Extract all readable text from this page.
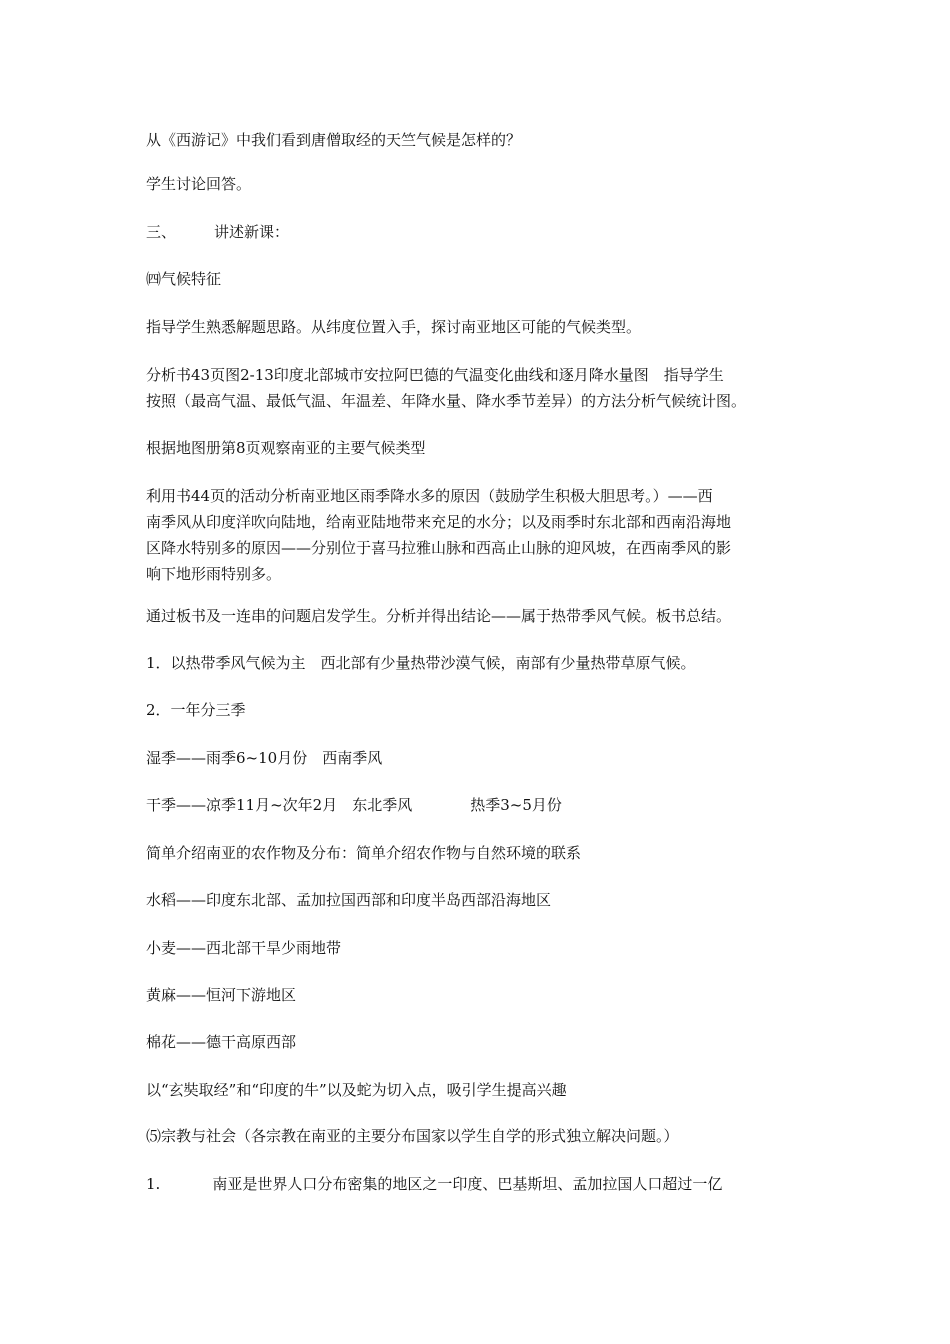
从《西游记》中我们看到唐僧取经的天竺气候是怎样的？
学生讨论回答。
三、	讲述新课：
㈣气候特征
指导学生熟悉解题思路。从纬度位置入手，探讨南亚地区可能的气候类型。
分析书43页图2-13印度北部城市安拉阿巴德的气温变化曲线和逐月降水量图　指导学生
按照（最高气温、最低气温、年温差、年降水量、降水季节差异）的方法分析气候统计图。
根据地图册第8页观察南亚的主要气候类型
利用书44页的活动分析南亚地区雨季降水多的原因（鼓励学生积极大胆思考。）——西
南季风从印度洋吹向陆地，给南亚陆地带来充足的水分；以及雨季时东北部和西南沿海地
区降水特别多的原因——分别位于喜马拉雅山脉和西高止山脉的迎风坡，在西南季风的影
响下地形雨特别多。
通过板书及一连串的问题启发学生。分析并得出结论——属于热带季风气候。板书总结。
1．以热带季风气候为主　西北部有少量热带沙漠气候，南部有少量热带草原气候。
2．一年分三季
湿季——雨季6~10月份　西南季风
干季——凉季11月~次年2月　东北季风	热季3~5月份
简单介绍南亚的农作物及分布：简单介绍农作物与自然环境的联系
水稻——印度东北部、孟加拉国西部和印度半岛西部沿海地区
小麦——西北部干旱少雨地带
黄麻——恒河下游地区
棉花——德干高原西部
以“玄奘取经”和“印度的牛”以及蛇为切入点，吸引学生提高兴趣
⑸宗教与社会（各宗教在南亚的主要分布国家以学生自学的形式独立解决问题。）
1.	南亚是世界人口分布密集的地区之一印度、巴基斯坦、孟加拉国人口超过一亿
